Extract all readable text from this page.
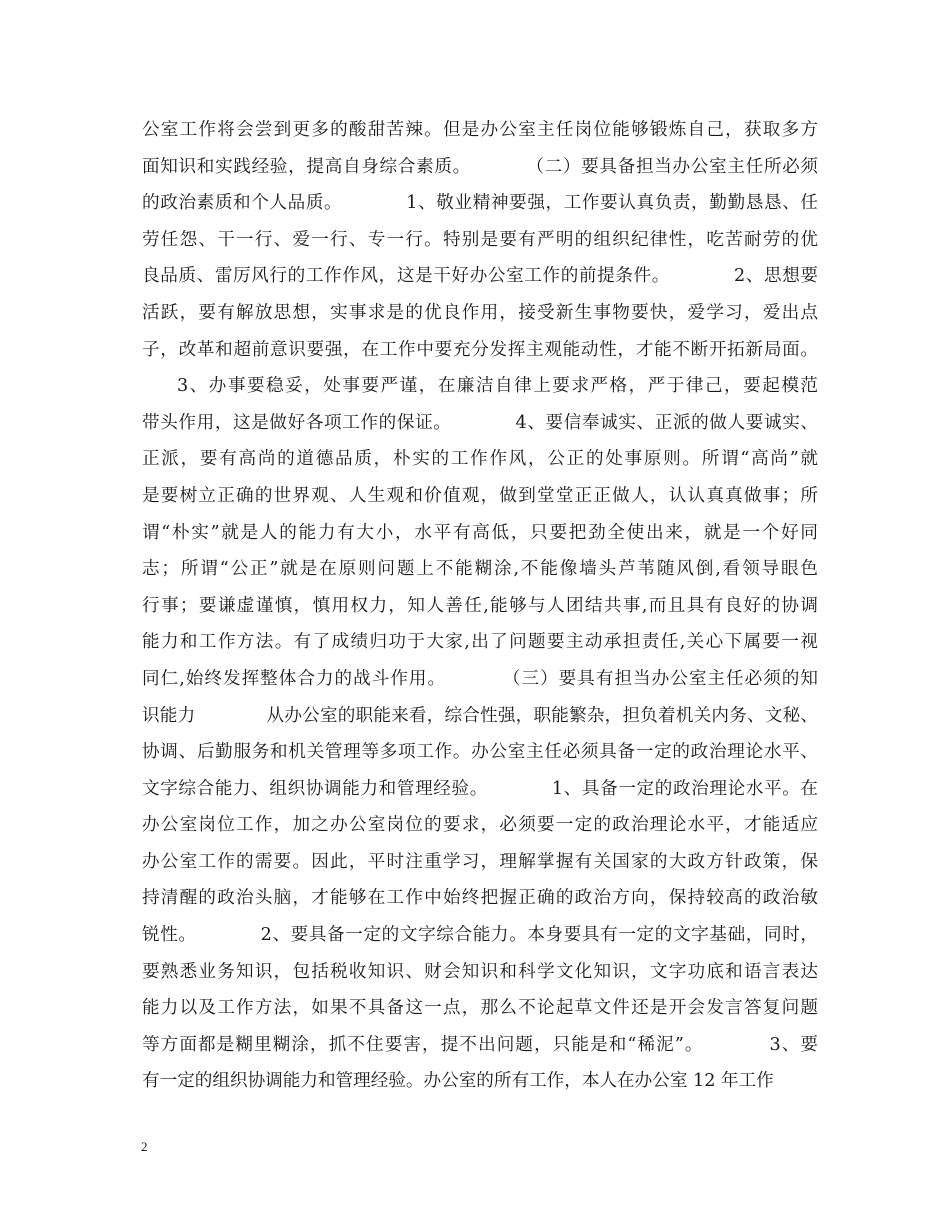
公室工作将会尝到更多的酸甜苦辣。但是办公室主任岗位能够锻炼自己，获取多方
面知识和实践经验，提高自身综合素质。　　　　（二）要具备担当办公室主任所必须
的政治素质和个人品质。　　　　1、敬业精神要强，工作要认真负责，勤勤恳恳、任
劳任怨、干一行、爱一行、专一行。特别是要有严明的组织纪律性，吃苦耐劳的优
良品质、雷厉风行的工作作风，这是干好办公室工作的前提条件。　　　　2、思想要
活跃，要有解放思想，实事求是的优良作用，接受新生事物要快，爱学习，爱出点
子，改革和超前意识要强，在工作中要充分发挥主观能动性，才能不断开拓新局面。
3、办事要稳妥，处事要严谨，在廉洁自律上要求严格，严于律己，要起模范
带头作用，这是做好各项工作的保证。　　　　4、要信奉诚实、正派的做人要诚实、
正派，要有高尚的道德品质，朴实的工作作风，公正的处事原则。所谓“高尚”就
是要树立正确的世界观、人生观和价值观，做到堂堂正正做人，认认真真做事；所
谓“朴实”就是人的能力有大小，水平有高低，只要把劲全使出来，就是一个好同
志；所谓“公正”就是在原则问题上不能糊涂,不能像墙头芦苇随风倒,看领导眼色
行事；要谦虚谨慎，慎用权力，知人善任,能够与人团结共事,而且具有良好的协调
能力和工作方法。有了成绩归功于大家,出了问题要主动承担责任,关心下属要一视
同仁,始终发挥整体合力的战斗作用。　　　　（三）要具有担当办公室主任必须的知
识能力　　　　从办公室的职能来看，综合性强，职能繁杂，担负着机关内务、文秘、
协调、后勤服务和机关管理等多项工作。办公室主任必须具备一定的政治理论水平、
文字综合能力、组织协调能力和管理经验。　　　　1、具备一定的政治理论水平。在
办公室岗位工作，加之办公室岗位的要求，必须要一定的政治理论水平，才能适应
办公室工作的需要。因此，平时注重学习，理解掌握有关国家的大政方针政策，保
持清醒的政治头脑，才能够在工作中始终把握正确的政治方向，保持较高的政治敏
锐性。　　　　2、要具备一定的文字综合能力。本身要具有一定的文字基础，同时，
要熟悉业务知识，包括税收知识、财会知识和科学文化知识，文字功底和语言表达
能力以及工作方法，如果不具备这一点，那么不论起草文件还是开会发言答复问题
等方面都是糊里糊涂，抓不住要害，提不出问题，只能是和“稀泥”。　　　　3、要
有一定的组织协调能力和管理经验。办公室的所有工作，本人在办公室 12 年工作
2
